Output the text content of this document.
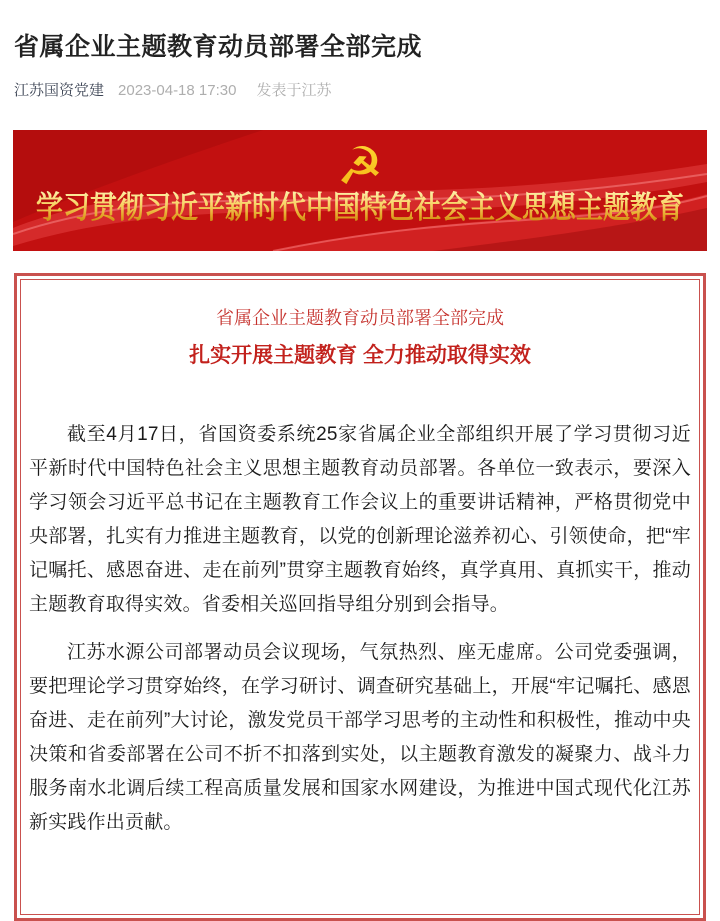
省属企业主题教育动员部署全部完成
江苏国资党建 2023-04-18 17:30 发表于江苏
☭
学习贯彻习近平新时代中国特色社会主义思想主题教育
省属企业主题教育动员部署全部完成
扎实开展主题教育 全力推动取得实效

截至4月17日，省国资委系统25家省属企业全部组织开展了学习贯彻习近平新时代中国特色社会主义思想主题教育动员部署。各单位一致表示，要深入学习领会习近平总书记在主题教育工作会议上的重要讲话精神，严格贯彻党中央部署，扎实有力推进主题教育，以党的创新理论滋养初心、引领使命，把“牢记嘱托、感恩奋进、走在前列”贯穿主题教育始终，真学真用、真抓实干，推动主题教育取得实效。省委相关巡回指导组分别到会指导。

江苏水源公司部署动员会议现场，气氛热烈、座无虚席。公司党委强调，要把理论学习贯穿始终，在学习研讨、调查研究基础上，开展“牢记嘱托、感恩奋进、走在前列”大讨论，激发党员干部学习思考的主动性和积极性，推动中央决策和省委部署在公司不折不扣落到实处，以主题教育激发的凝聚力、战斗力服务南水北调后续工程高质量发展和国家水网建设，为推进中国式现代化江苏新实践作出贡献。
